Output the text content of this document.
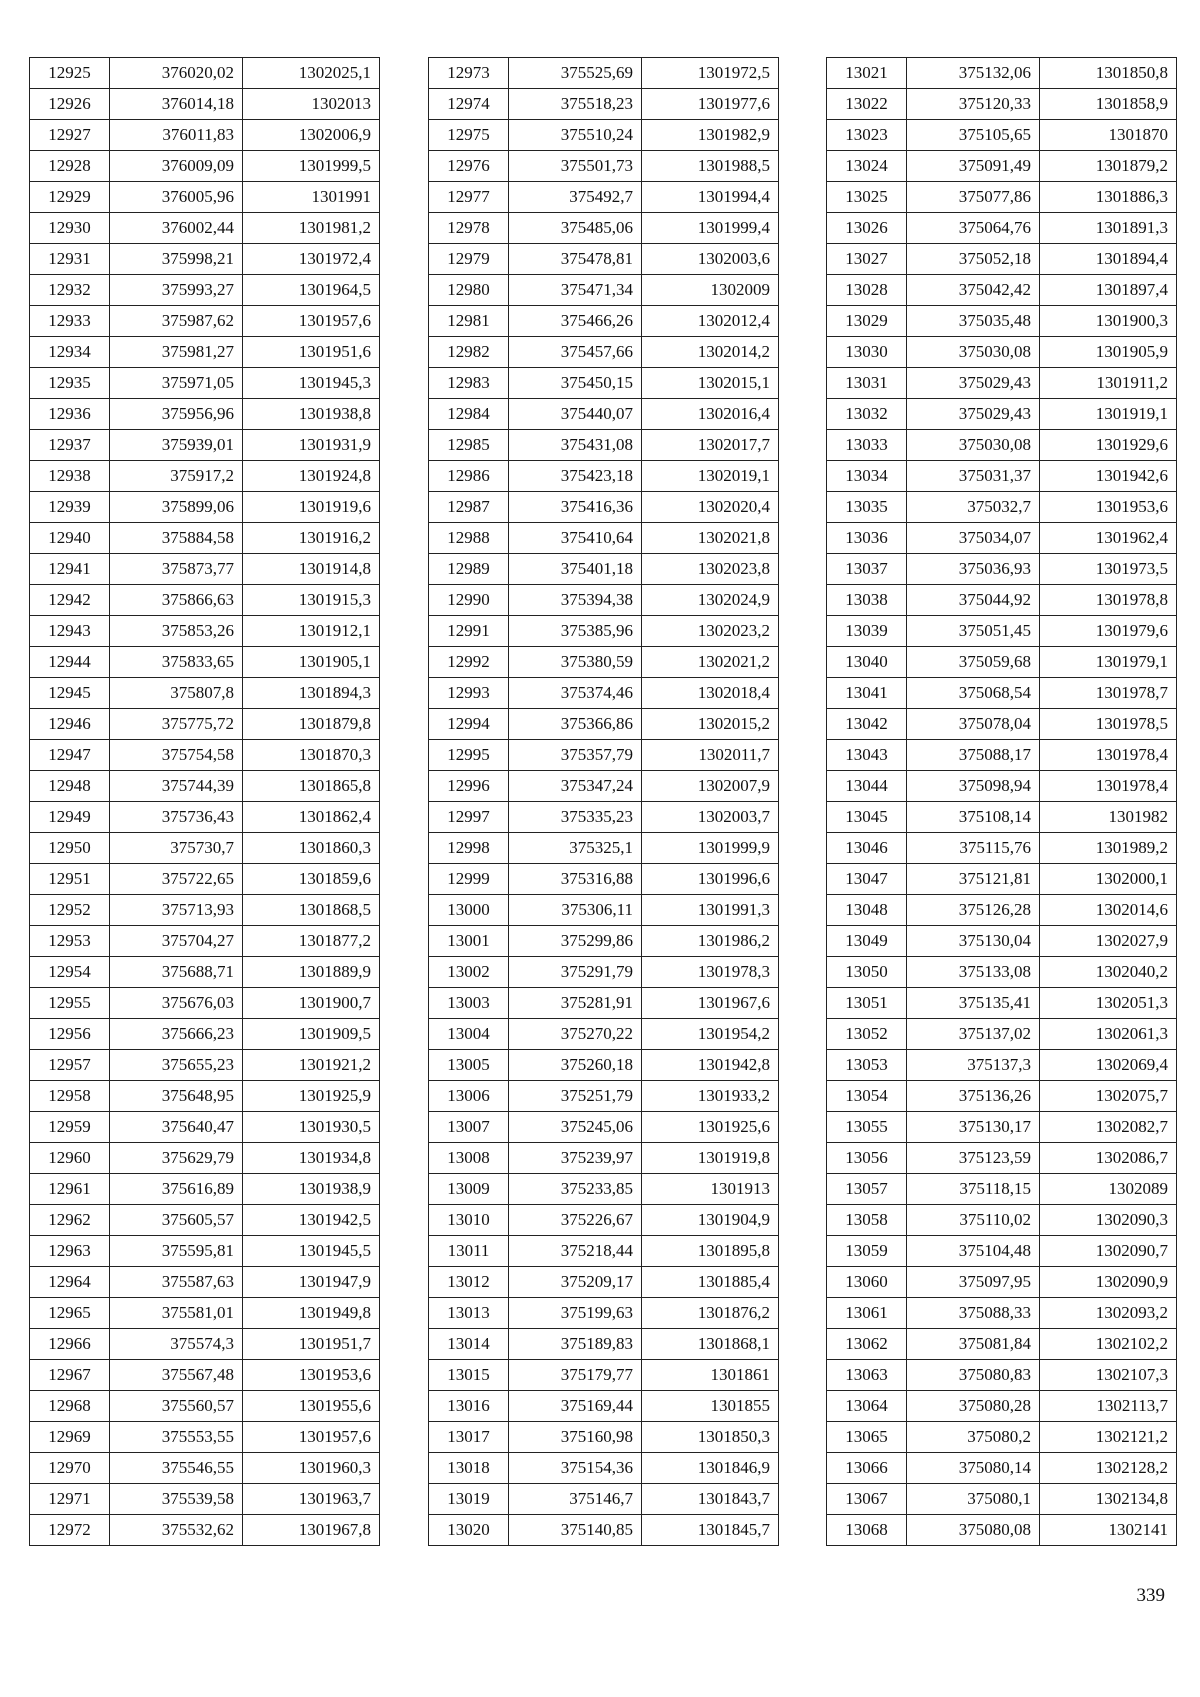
12925	376020,02	1302025,1
12926	376014,18	1302013
12927	376011,83	1302006,9
12928	376009,09	1301999,5
12929	376005,96	1301991
12930	376002,44	1301981,2
12931	375998,21	1301972,4
12932	375993,27	1301964,5
12933	375987,62	1301957,6
12934	375981,27	1301951,6
12935	375971,05	1301945,3
12936	375956,96	1301938,8
12937	375939,01	1301931,9
12938	375917,2	1301924,8
12939	375899,06	1301919,6
12940	375884,58	1301916,2
12941	375873,77	1301914,8
12942	375866,63	1301915,3
12943	375853,26	1301912,1
12944	375833,65	1301905,1
12945	375807,8	1301894,3
12946	375775,72	1301879,8
12947	375754,58	1301870,3
12948	375744,39	1301865,8
12949	375736,43	1301862,4
12950	375730,7	1301860,3
12951	375722,65	1301859,6
12952	375713,93	1301868,5
12953	375704,27	1301877,2
12954	375688,71	1301889,9
12955	375676,03	1301900,7
12956	375666,23	1301909,5
12957	375655,23	1301921,2
12958	375648,95	1301925,9
12959	375640,47	1301930,5
12960	375629,79	1301934,8
12961	375616,89	1301938,9
12962	375605,57	1301942,5
12963	375595,81	1301945,5
12964	375587,63	1301947,9
12965	375581,01	1301949,8
12966	375574,3	1301951,7
12967	375567,48	1301953,6
12968	375560,57	1301955,6
12969	375553,55	1301957,6
12970	375546,55	1301960,3
12971	375539,58	1301963,7
12972	375532,62	1301967,8
12973	375525,69	1301972,5
12974	375518,23	1301977,6
12975	375510,24	1301982,9
12976	375501,73	1301988,5
12977	375492,7	1301994,4
12978	375485,06	1301999,4
12979	375478,81	1302003,6
12980	375471,34	1302009
12981	375466,26	1302012,4
12982	375457,66	1302014,2
12983	375450,15	1302015,1
12984	375440,07	1302016,4
12985	375431,08	1302017,7
12986	375423,18	1302019,1
12987	375416,36	1302020,4
12988	375410,64	1302021,8
12989	375401,18	1302023,8
12990	375394,38	1302024,9
12991	375385,96	1302023,2
12992	375380,59	1302021,2
12993	375374,46	1302018,4
12994	375366,86	1302015,2
12995	375357,79	1302011,7
12996	375347,24	1302007,9
12997	375335,23	1302003,7
12998	375325,1	1301999,9
12999	375316,88	1301996,6
13000	375306,11	1301991,3
13001	375299,86	1301986,2
13002	375291,79	1301978,3
13003	375281,91	1301967,6
13004	375270,22	1301954,2
13005	375260,18	1301942,8
13006	375251,79	1301933,2
13007	375245,06	1301925,6
13008	375239,97	1301919,8
13009	375233,85	1301913
13010	375226,67	1301904,9
13011	375218,44	1301895,8
13012	375209,17	1301885,4
13013	375199,63	1301876,2
13014	375189,83	1301868,1
13015	375179,77	1301861
13016	375169,44	1301855
13017	375160,98	1301850,3
13018	375154,36	1301846,9
13019	375146,7	1301843,7
13020	375140,85	1301845,7
13021	375132,06	1301850,8
13022	375120,33	1301858,9
13023	375105,65	1301870
13024	375091,49	1301879,2
13025	375077,86	1301886,3
13026	375064,76	1301891,3
13027	375052,18	1301894,4
13028	375042,42	1301897,4
13029	375035,48	1301900,3
13030	375030,08	1301905,9
13031	375029,43	1301911,2
13032	375029,43	1301919,1
13033	375030,08	1301929,6
13034	375031,37	1301942,6
13035	375032,7	1301953,6
13036	375034,07	1301962,4
13037	375036,93	1301973,5
13038	375044,92	1301978,8
13039	375051,45	1301979,6
13040	375059,68	1301979,1
13041	375068,54	1301978,7
13042	375078,04	1301978,5
13043	375088,17	1301978,4
13044	375098,94	1301978,4
13045	375108,14	1301982
13046	375115,76	1301989,2
13047	375121,81	1302000,1
13048	375126,28	1302014,6
13049	375130,04	1302027,9
13050	375133,08	1302040,2
13051	375135,41	1302051,3
13052	375137,02	1302061,3
13053	375137,3	1302069,4
13054	375136,26	1302075,7
13055	375130,17	1302082,7
13056	375123,59	1302086,7
13057	375118,15	1302089
13058	375110,02	1302090,3
13059	375104,48	1302090,7
13060	375097,95	1302090,9
13061	375088,33	1302093,2
13062	375081,84	1302102,2
13063	375080,83	1302107,3
13064	375080,28	1302113,7
13065	375080,2	1302121,2
13066	375080,14	1302128,2
13067	375080,1	1302134,8
13068	375080,08	1302141
339
